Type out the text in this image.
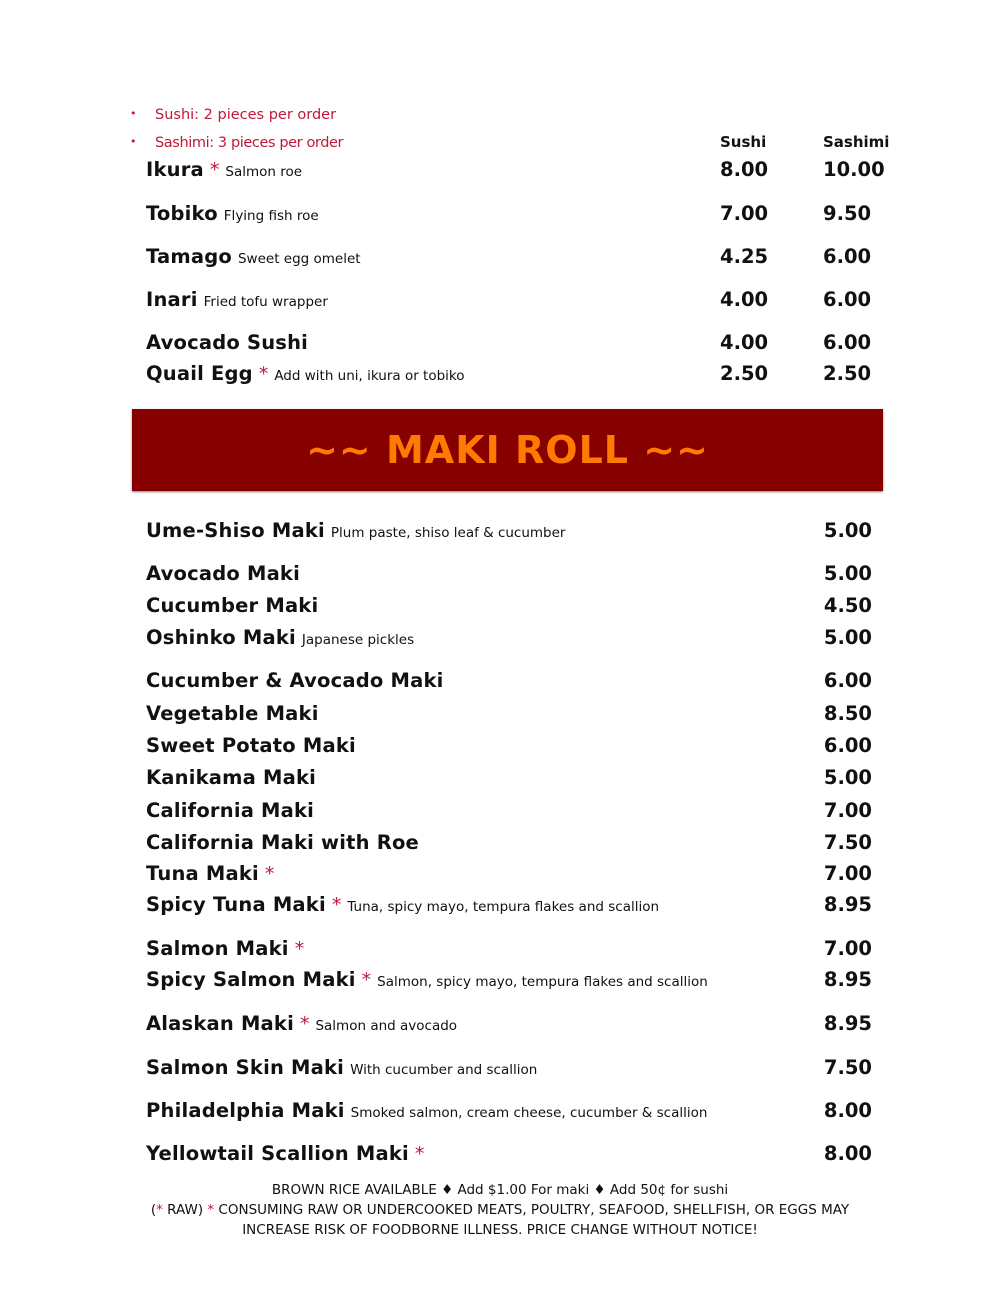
• Sushi: 2 pieces per order
• Sashimi: 3 pieces per order	Sushi	Sashimi
Ikura * Salmon roe	8.00	10.00
Tobiko Flying fish roe	7.00	9.50
Tamago Sweet egg omelet	4.25	6.00
Inari Fried tofu wrapper	4.00	6.00
Avocado Sushi	4.00	6.00
Quail Egg * Add with uni, ikura or tobiko	2.50	2.50
~~ MAKI ROLL ~~
Ume-Shiso Maki Plum paste, shiso leaf & cucumber	5.00
Avocado Maki	5.00
Cucumber Maki	4.50
Oshinko Maki Japanese pickles	5.00
Cucumber & Avocado Maki	6.00
Vegetable Maki	8.50
Sweet Potato Maki	6.00
Kanikama Maki	5.00
California Maki	7.00
California Maki with Roe	7.50
Tuna Maki *	7.00
Spicy Tuna Maki * Tuna, spicy mayo, tempura flakes and scallion	8.95
Salmon Maki *	7.00
Spicy Salmon Maki * Salmon, spicy mayo, tempura flakes and scallion	8.95
Alaskan Maki * Salmon and avocado	8.95
Salmon Skin Maki With cucumber and scallion	7.50
Philadelphia Maki Smoked salmon, cream cheese, cucumber & scallion	8.00
Yellowtail Scallion Maki *	8.00
BROWN RICE AVAILABLE ♦ Add $1.00 For maki ♦ Add 50¢ for sushi
(* RAW) * CONSUMING RAW OR UNDERCOOKED MEATS, POULTRY, SEAFOOD, SHELLFISH, OR EGGS MAY
INCREASE RISK OF FOODBORNE ILLNESS. PRICE CHANGE WITHOUT NOTICE!
